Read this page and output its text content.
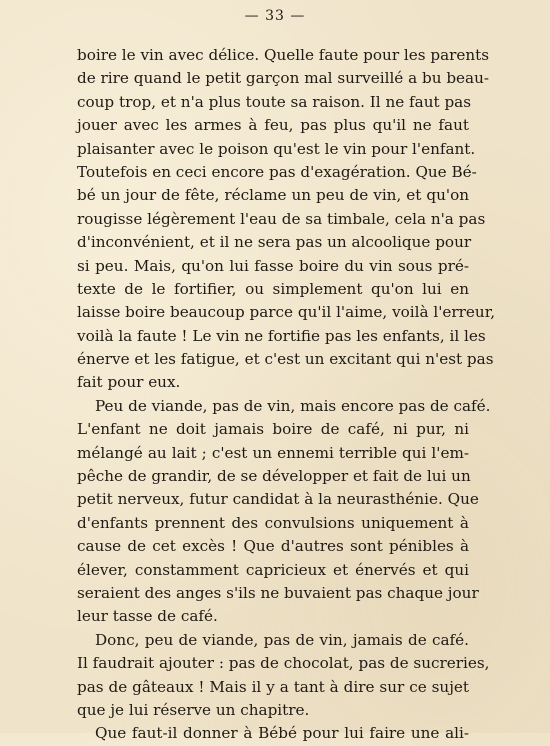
— 33 —
boire le vin avec délice. Quelle faute pour les parents
de rire quand le petit garçon mal surveillé a bu beau-
coup trop, et n'a plus toute sa raison. Il ne faut pas
jouer avec les armes à feu, pas plus qu'il ne faut
plaisanter avec le poison qu'est le vin pour l'enfant.
Toutefois en ceci encore pas d'exagération. Que Bé-
bé un jour de fête, réclame un peu de vin, et qu'on
rougisse légèrement l'eau de sa timbale, cela n'a pas
d'inconvénient, et il ne sera pas un alcoolique pour
si peu. Mais, qu'on lui fasse boire du vin sous pré-
texte de le fortifier, ou simplement qu'on lui en
laisse boire beaucoup parce qu'il l'aime, voilà l'erreur,
voilà la faute ! Le vin ne fortifie pas les enfants, il les
énerve et les fatigue, et c'est un excitant qui n'est pas
fait pour eux.
Peu de viande, pas de vin, mais encore pas de café.
L'enfant ne doit jamais boire de café, ni pur, ni
mélangé au lait ; c'est un ennemi terrible qui l'em-
pêche de grandir, de se développer et fait de lui un
petit nerveux, futur candidat à la neurasthénie. Que
d'enfants prennent des convulsions uniquement à
cause de cet excès ! Que d'autres sont pénibles à
élever, constamment capricieux et énervés et qui
seraient des anges s'ils ne buvaient pas chaque jour
leur tasse de café.
Donc, peu de viande, pas de vin, jamais de café.
Il faudrait ajouter : pas de chocolat, pas de sucreries,
pas de gâteaux ! Mais il y a tant à dire sur ce sujet
que je lui réserve un chapitre.
Que faut-il donner à Bébé pour lui faire une ali-
